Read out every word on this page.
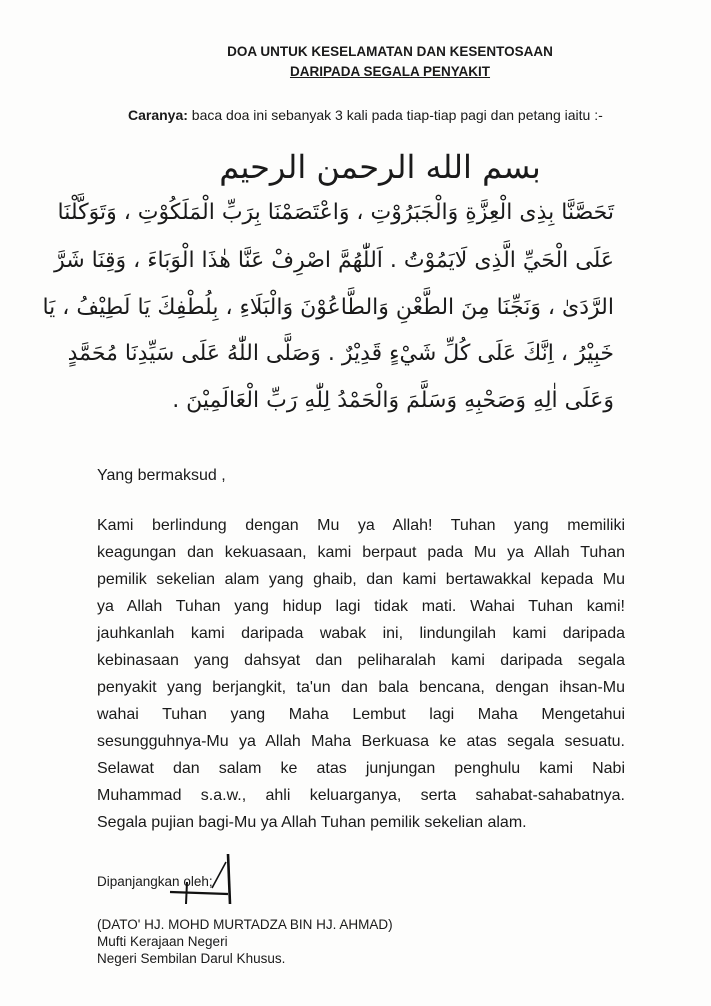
DOA UNTUK KESELAMATAN DAN KESENTOSAAN
DARIPADA SEGALA PENYAKIT
Caranya: baca doa ini sebanyak 3 kali pada tiap-tiap pagi dan petang iaitu :-
بسم الله الرحمن الرحيم
تَحَصَّنَّا بِذِى الْعِزَّةِ وَالْجَبَرُوْتِ ، وَاعْتَصَمْنَا بِرَبِّ الْمَلَكُوْتِ ، وَتَوَكَّلْنَا
عَلَى الْحَيِّ الَّذِى لَايَمُوْتُ . اَللّٰهُمَّ اصْرِفْ عَنَّا هٰذَا الْوَبَاءَ ، وَقِنَا شَرَّ
الرَّدَىٰ ، وَنَجِّنَا مِنَ الطَّعْنِ وَالطَّاعُوْنَ وَالْبَلَاءِ ، بِلُطْفِكَ يَا لَطِيْفُ ، يَا
خَبِيْرُ ، اِنَّكَ عَلَى كُلِّ شَيْءٍ قَدِيْرٌ . وَصَلَّى اللّٰهُ عَلَى سَيِّدِنَا مُحَمَّدٍ
وَعَلَى اٰلِهِ وَصَحْبِهِ وَسَلَّمَ وَالْحَمْدُ لِلّٰهِ رَبِّ الْعَالَمِيْنَ .
Yang bermaksud ,
Kami berlindung dengan Mu ya Allah! Tuhan yang memiliki
keagungan dan kekuasaan, kami berpaut pada Mu ya Allah Tuhan
pemilik sekelian alam yang ghaib, dan kami bertawakkal kepada Mu
ya Allah Tuhan yang hidup lagi tidak mati. Wahai Tuhan kami!
jauhkanlah kami daripada wabak ini, lindungilah kami daripada
kebinasaan yang dahsyat dan peliharalah kami daripada segala
penyakit yang berjangkit, ta'un dan bala bencana, dengan ihsan-Mu
wahai Tuhan yang Maha Lembut lagi Maha Mengetahui
sesungguhnya-Mu ya Allah Maha Berkuasa ke atas segala sesuatu.
Selawat dan salam ke atas junjungan penghulu kami Nabi
Muhammad s.a.w., ahli keluarganya, serta sahabat-sahabatnya.
Segala pujian bagi-Mu ya Allah Tuhan pemilik sekelian alam.
Dipanjangkan oleh;
(DATO' HJ. MOHD MURTADZA BIN HJ. AHMAD)
Mufti Kerajaan Negeri
Negeri Sembilan Darul Khusus.
